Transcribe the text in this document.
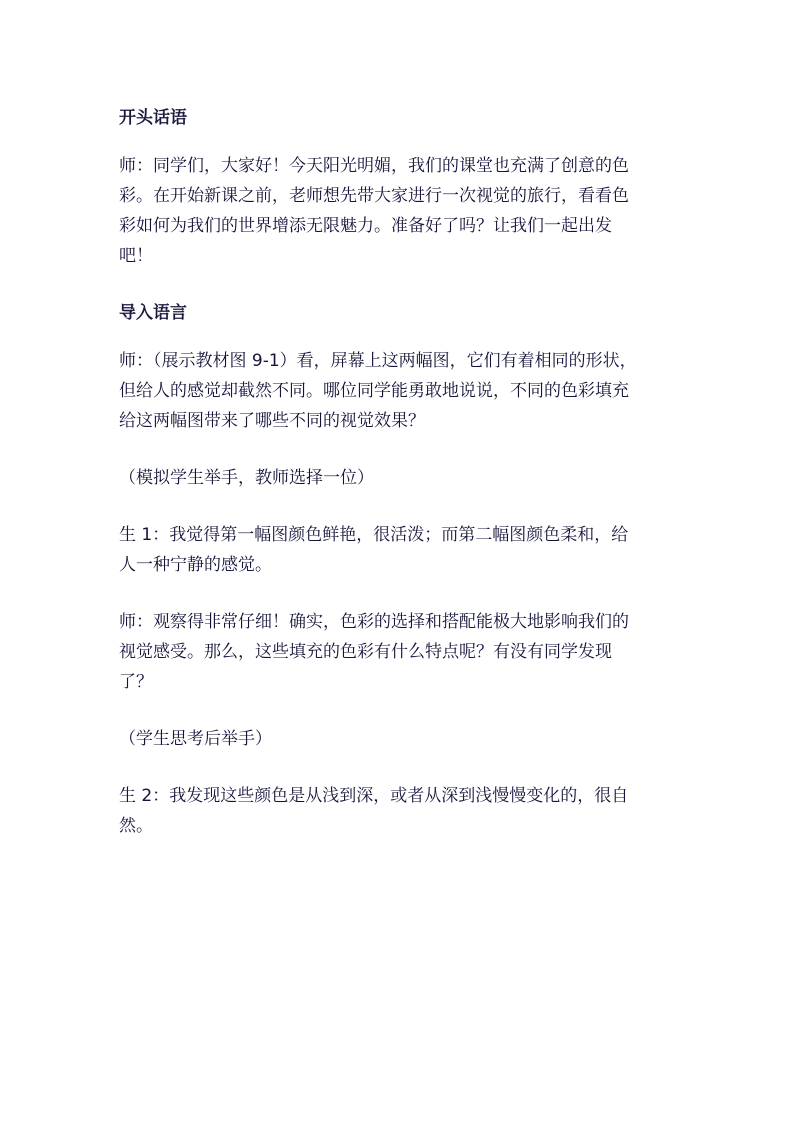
开头话语

师：同学们，大家好！今天阳光明媚，我们的课堂也充满了创意的色
彩。在开始新课之前，老师想先带大家进行一次视觉的旅行，看看色
彩如何为我们的世界增添无限魅力。准备好了吗？让我们一起出发
吧！

导入语言

师：（展示教材图 9-1）看，屏幕上这两幅图，它们有着相同的形状，
但给人的感觉却截然不同。哪位同学能勇敢地说说，不同的色彩填充
给这两幅图带来了哪些不同的视觉效果？

（模拟学生举手，教师选择一位）

生 1：我觉得第一幅图颜色鲜艳，很活泼；而第二幅图颜色柔和，给
人一种宁静的感觉。

师：观察得非常仔细！确实，色彩的选择和搭配能极大地影响我们的
视觉感受。那么，这些填充的色彩有什么特点呢？有没有同学发现
了？

（学生思考后举手）

生 2：我发现这些颜色是从浅到深，或者从深到浅慢慢变化的，很自
然。
